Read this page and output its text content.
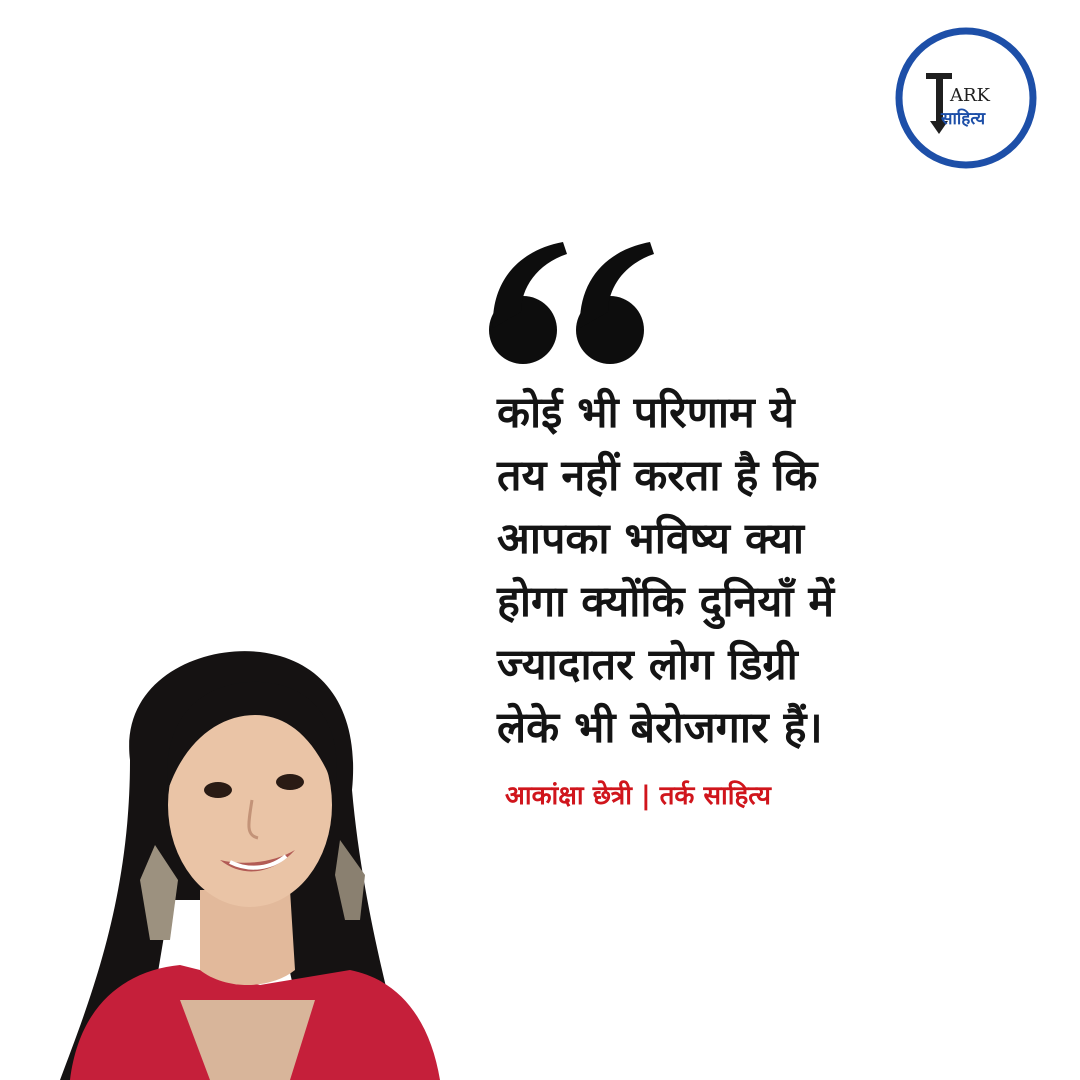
ARK
साहित्य
कोई भी परिणाम ये
तय नहीं करता है कि
आपका भविष्य क्या
होगा क्योंकि दुनियाँ में
ज्यादातर लोग डिग्री
लेके भी बेरोजगार हैं।
आकांक्षा छेत्री | तर्क साहित्य
